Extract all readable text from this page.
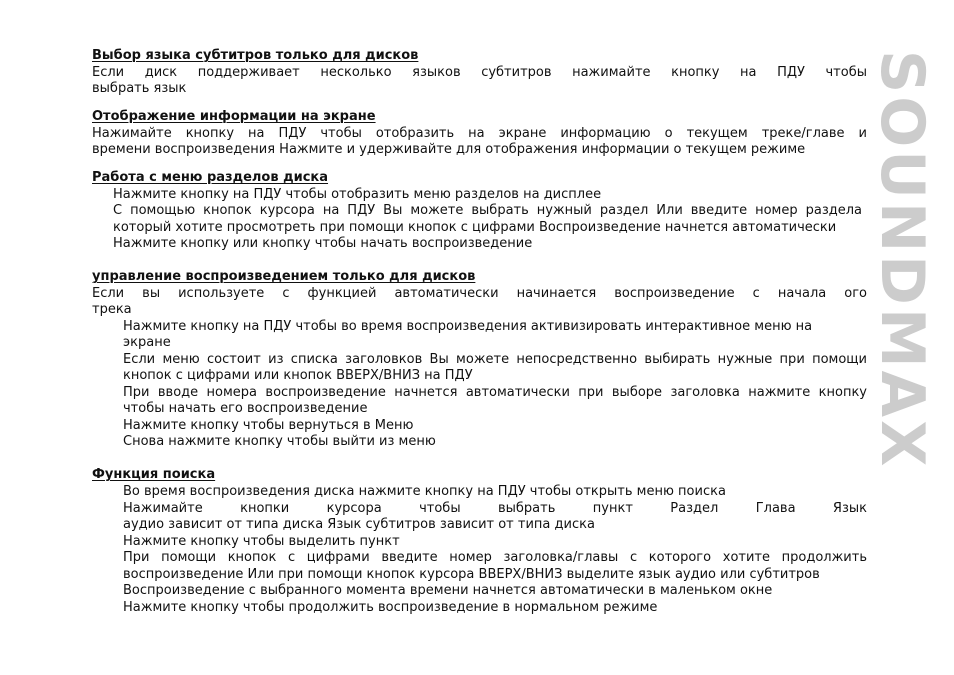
SOUNDMAX
Выбор языка субтитров только для дисков
Если диск поддерживает несколько языков субтитров нажимайте кнопку на ПДУ чтобы
выбрать язык
Отображение информации на экране
Нажимайте кнопку на ПДУ чтобы отобразить на экране информацию о текущем треке/главе и
времени воспроизведения Нажмите и удерживайте для отображения информации о текущем режиме
Работа с меню разделов диска
Нажмите кнопку на ПДУ чтобы отобразить меню разделов на дисплее
С помощью кнопок курсора на ПДУ Вы можете выбрать нужный раздел Или введите номер раздела
который хотите просмотреть при помощи кнопок с цифрами Воспроизведение начнется автоматически
Нажмите кнопку или кнопку чтобы начать воспроизведение
управление воспроизведением только для дисков
Если вы используете с функцией автоматически начинается воспроизведение с начала ого
трека
Нажмите кнопку на ПДУ чтобы во время воспроизведения активизировать интерактивное меню на
экране
Если меню состоит из списка заголовков Вы можете непосредственно выбирать нужные при помощи
кнопок с цифрами или кнопок ВВЕРХ/ВНИЗ на ПДУ
При вводе номера воспроизведение начнется автоматически при выборе заголовка нажмите кнопку
чтобы начать его воспроизведение
Нажмите кнопку чтобы вернуться в Меню
Снова нажмите кнопку чтобы выйти из меню
Функция поиска
Во время воспроизведения диска нажмите кнопку на ПДУ чтобы открыть меню поиска
Нажимайте кнопки курсора чтобы выбрать пункт Раздел Глава Язык
аудио зависит от типа диска Язык субтитров зависит от типа диска
Нажмите кнопку чтобы выделить пункт
При помощи кнопок с цифрами введите номер заголовка/главы с которого хотите продолжить
воспроизведение Или при помощи кнопок курсора ВВЕРХ/ВНИЗ выделите язык аудио или субтитров
Воспроизведение с выбранного момента времени начнется автоматически в маленьком окне
Нажмите кнопку чтобы продолжить воспроизведение в нормальном режиме
